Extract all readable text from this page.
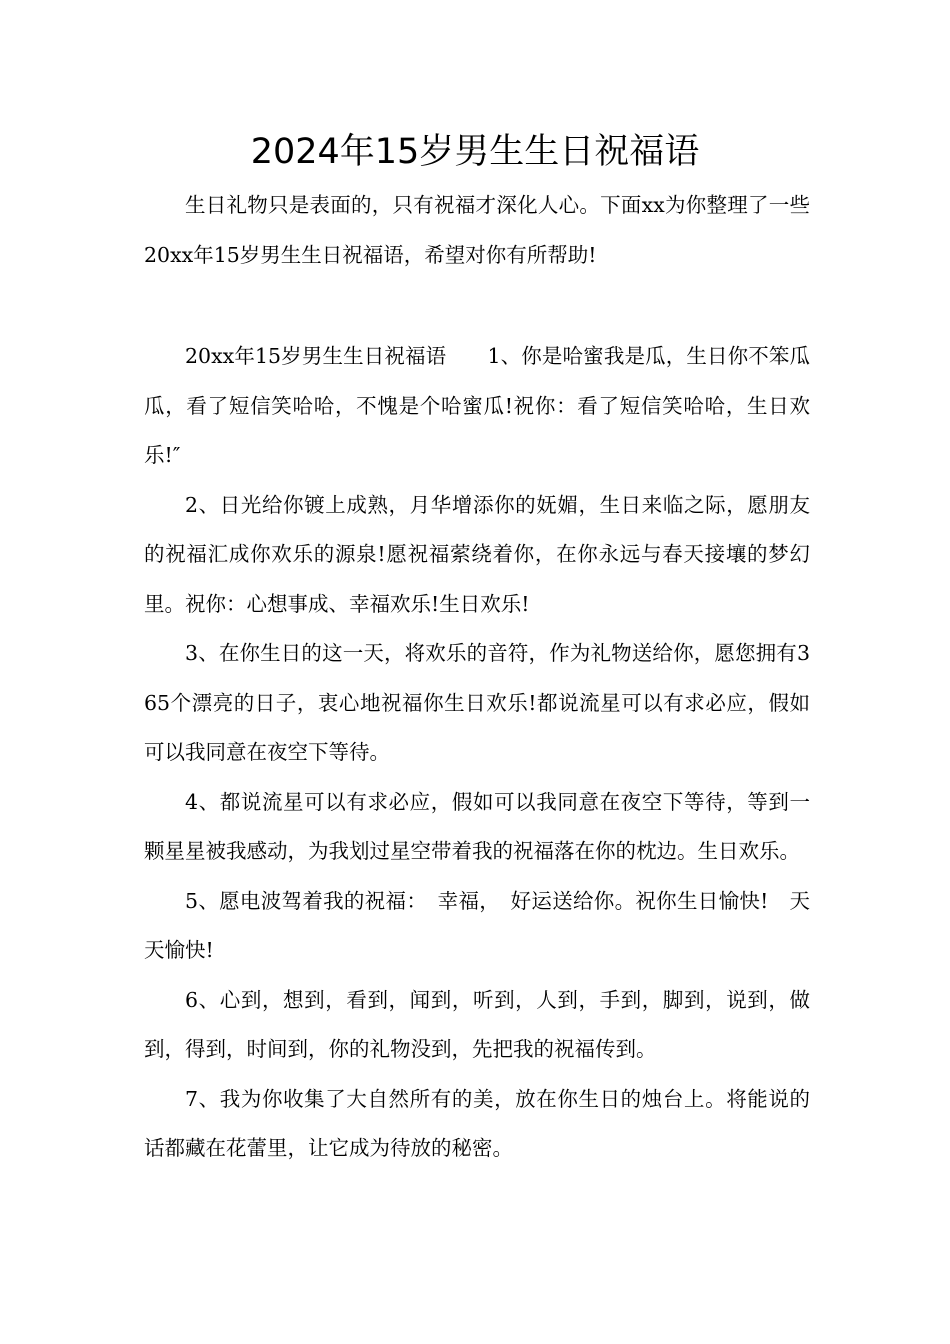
2024年15岁男生生日祝福语

生日礼物只是表面的，只有祝福才深化人心。下面xx为你整理了一些20xx年15岁男生生日祝福语，希望对你有所帮助!

20xx年15岁男生生日祝福语　　1、你是哈蜜我是瓜，生日你不笨瓜瓜，看了短信笑哈哈，不愧是个哈蜜瓜!祝你：看了短信笑哈哈，生日欢乐!″

2、日光给你镀上成熟，月华增添你的妩媚，生日来临之际，愿朋友的祝福汇成你欢乐的源泉!愿祝福萦绕着你，在你永远与春天接壤的梦幻里。祝你：心想事成、幸福欢乐!生日欢乐!

3、在你生日的这一天，将欢乐的音符，作为礼物送给你，愿您拥有365个漂亮的日子，衷心地祝福你生日欢乐!都说流星可以有求必应，假如可以我同意在夜空下等待。

4、都说流星可以有求必应，假如可以我同意在夜空下等待，等到一颗星星被我感动，为我划过星空带着我的祝福落在你的枕边。生日欢乐。

5、愿电波驾着我的祝福：　幸福，　好运送给你。祝你生日愉快!　天天愉快!

6、心到，想到，看到，闻到，听到，人到，手到，脚到，说到，做到，得到，时间到，你的礼物没到，先把我的祝福传到。

7、我为你收集了大自然所有的美，放在你生日的烛台上。将能说的话都藏在花蕾里，让它成为待放的秘密。
